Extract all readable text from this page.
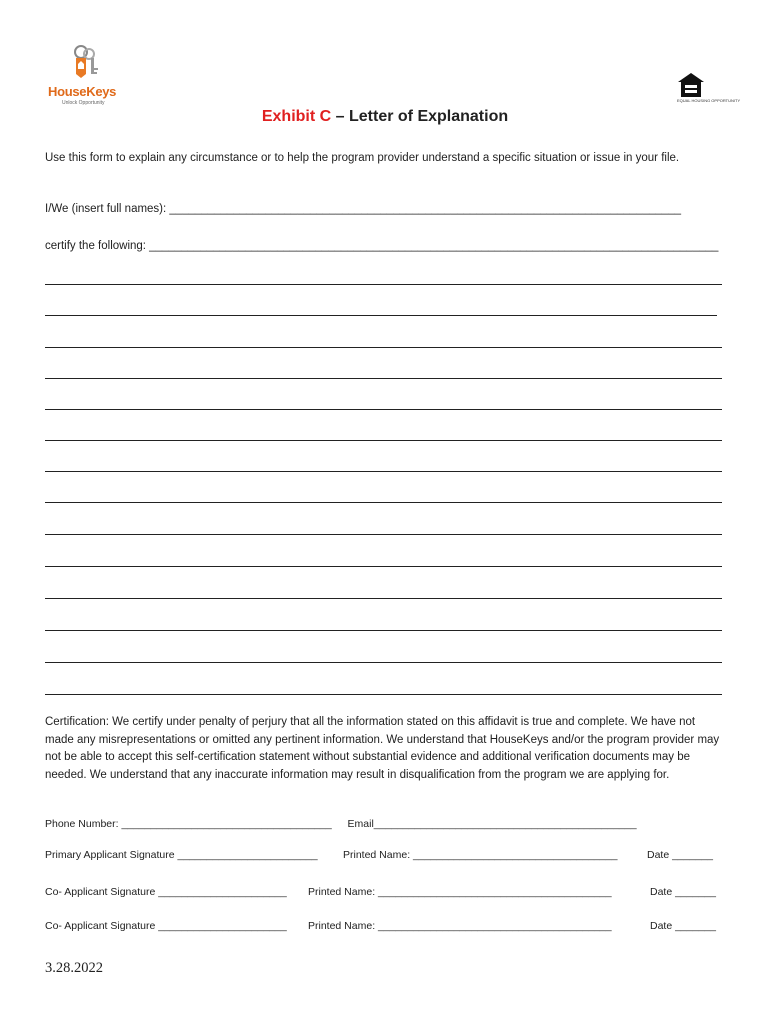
HouseKeys
Unlock Opportunity	EQUAL HOUSING OPPORTUNITY
Exhibit C – Letter of Explanation
Use this form to explain any circumstance or to help the program provider understand a specific situation or issue in your file.
I/We (insert full names): ________________________________________________________________________________
certify the following: _________________________________________________________________________________________
Certification: We certify under penalty of perjury that all the information stated on this affidavit is true and complete. We have not made any misrepresentations or omitted any pertinent information. We understand that HouseKeys and/or the program provider may not be able to accept this self-certification statement without substantial evidence and additional verification documents may be needed. We understand that any inaccurate information may result in disqualification from the program we are applying for.
Phone Number: ____________________________________ Email_____________________________________________
Primary Applicant Signature ________________________ Printed Name: ___________________________________	Date _______
Co- Applicant Signature ______________________ Printed Name: ________________________________________	Date _______
Co- Applicant Signature ______________________ Printed Name: ________________________________________	Date _______
3.28.2022
